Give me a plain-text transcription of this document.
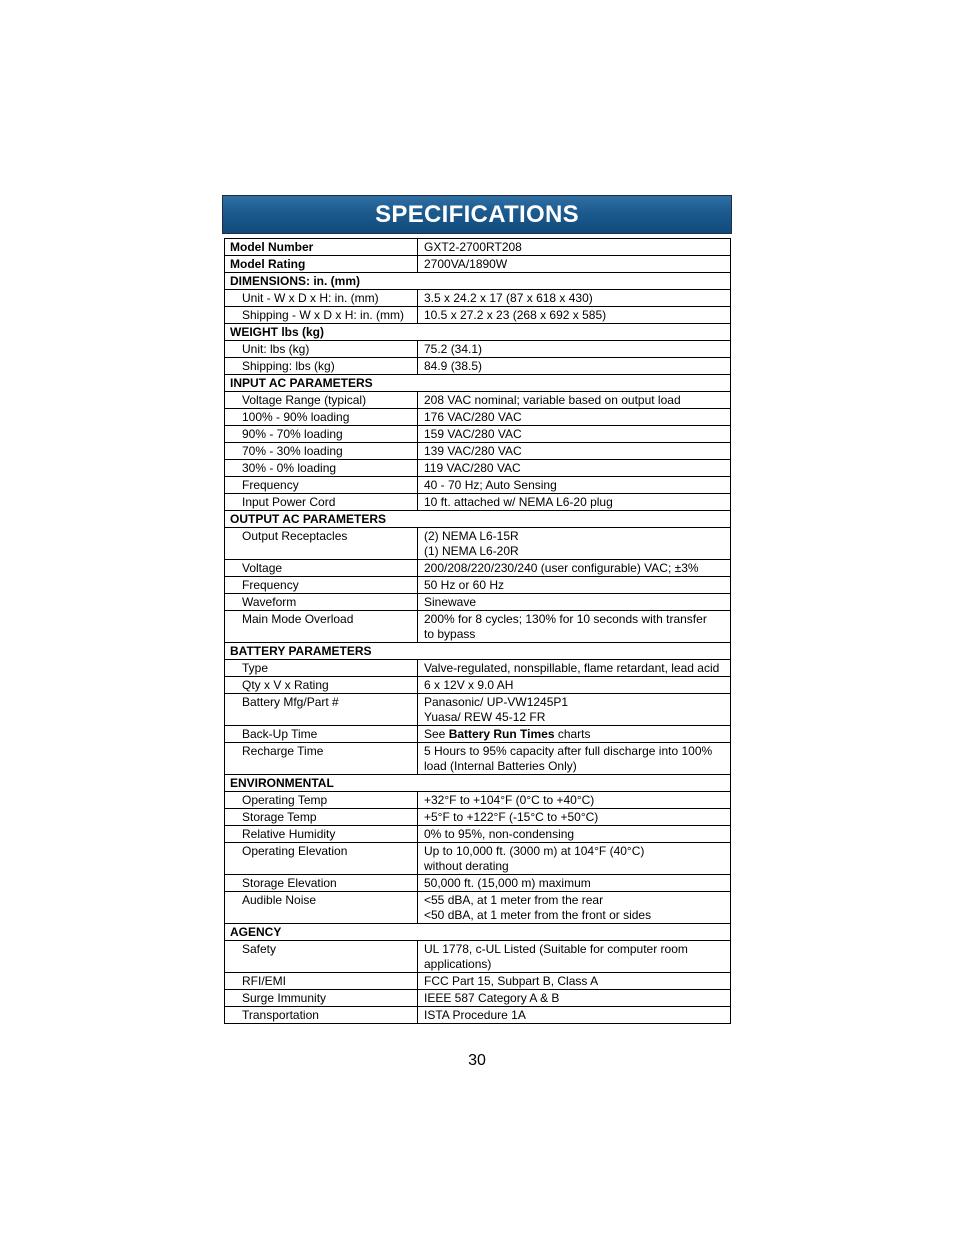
SPECIFICATIONS
Model Number	GXT2-2700RT208

Model Rating	2700VA/1890W

DIMENSIONS: in. (mm)	
Unit - W x D x H: in. (mm)	3.5 x 24.2 x 17 (87 x 618 x 430)

Shipping - W x D x H: in. (mm)	10.5 x 27.2 x 23 (268 x 692 x 585)

WEIGHT lbs (kg)	
Unit: lbs (kg)	75.2 (34.1)

Shipping: lbs (kg)	84.9 (38.5)

INPUT AC PARAMETERS	
Voltage Range (typical)	208 VAC nominal; variable based on output load

100% - 90% loading	176 VAC/280 VAC

90% - 70% loading	159 VAC/280 VAC

70% - 30% loading	139 VAC/280 VAC

30% - 0% loading	119 VAC/280 VAC

Frequency	40 - 70 Hz; Auto Sensing

Input Power Cord	10 ft. attached w/ NEMA L6-20 plug

OUTPUT AC PARAMETERS	
Output Receptacles	(2) NEMA L6-15R
(1) NEMA L6-20R

Voltage	200/208/220/230/240 (user configurable) VAC; ±3%

Frequency	50 Hz or 60 Hz

Waveform	Sinewave

Main Mode Overload	200% for 8 cycles; 130% for 10 seconds with transfer
to bypass

BATTERY PARAMETERS	
Type	Valve-regulated, nonspillable, flame retardant, lead acid

Qty x V x Rating	6 x 12V x 9.0 AH

Battery Mfg/Part #	Panasonic/ UP-VW1245P1
Yuasa/ REW 45-12 FR

Back-Up Time	See Battery Run Times charts
Recharge Time	5 Hours to 95% capacity after full discharge into 100%
load (Internal Batteries Only)

ENVIRONMENTAL	
Operating Temp	+32°F to +104°F (0°C to +40°C)

Storage Temp	+5°F to +122°F (-15°C to +50°C)

Relative Humidity	0% to 95%, non-condensing

Operating Elevation	Up to 10,000 ft. (3000 m) at 104°F (40°C)
without derating

Storage Elevation	50,000 ft. (15,000 m) maximum

Audible Noise	<55 dBA, at 1 meter from the rear
<50 dBA, at 1 meter from the front or sides

AGENCY	
Safety	UL 1778, c-UL Listed (Suitable for computer room
applications)

RFI/EMI	FCC Part 15, Subpart B, Class A

Surge Immunity	IEEE 587 Category A & B

Transportation	ISTA Procedure 1A
30
